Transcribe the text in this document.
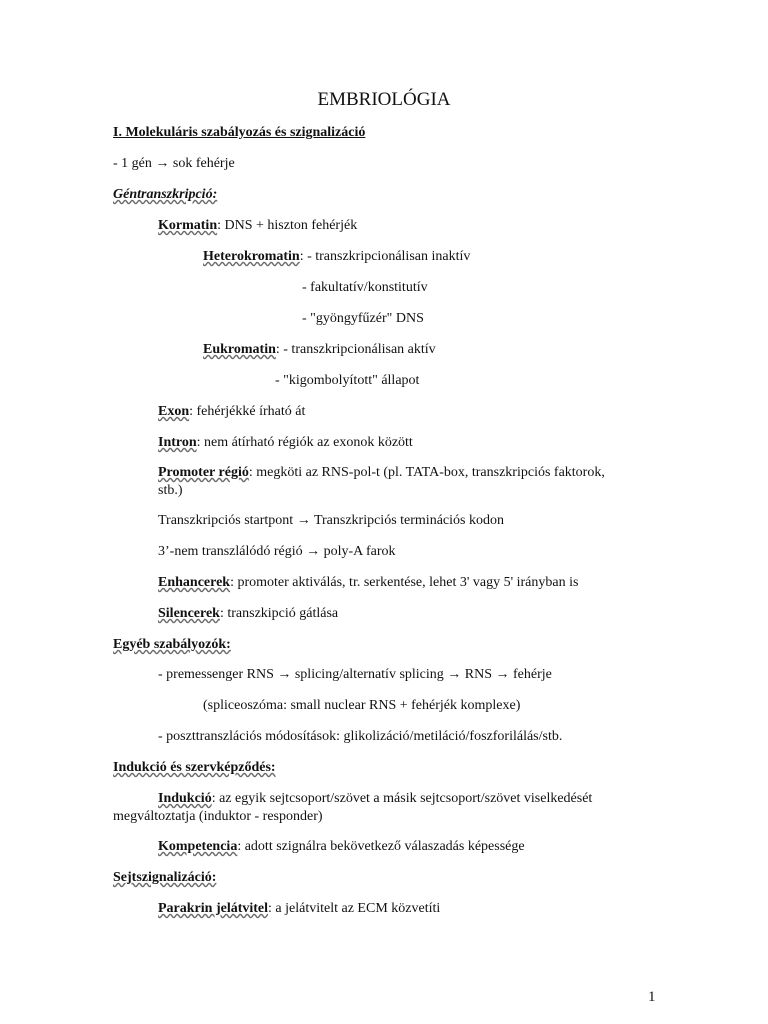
EMBRIOLÓGIA
I. Molekuláris szabályozás és szignalizáció
- 1 gén → sok fehérje
Géntranszkripció:
Kormatin: DNS + hiszton fehérjék
Heterokromatin: - transzkripcionálisan inaktív
- fakultatív/konstitutív
- "gyöngyfűzér" DNS
Eukromatin: - transzkripcionálisan aktív
- "kigombolyított" állapot
Exon: fehérjékké írható át
Intron: nem átírható régiók az exonok között
Promoter régió: megköti az RNS-pol-t (pl. TATA-box, transzkripciós faktorok, stb.)
Transzkripciós startpont → Transzkripciós terminációs kodon
3’-nem transzlálódó régió → poly-A farok
Enhancerek: promoter aktiválás, tr. serkentése, lehet 3' vagy 5' irányban is
Silencerek: transzkipció gátlása
Egyéb szabályozók:
- premessenger RNS → splicing/alternatív splicing → RNS → fehérje
(spliceoszóma: small nuclear RNS + fehérjék komplexe)
- poszttranszlációs módosítások: glikolizáció/metiláció/foszforilálás/stb.
Indukció és szervképződés:
Indukció: az egyik sejtcsoport/szövet a másik sejtcsoport/szövet viselkedését megváltoztatja (induktor - responder)
Kompetencia: adott szignálra bekövetkező válaszadás képessége
Sejtszignalizáció:
Parakrin jelátvitel: a jelátvitelt az ECM közvetíti
1
